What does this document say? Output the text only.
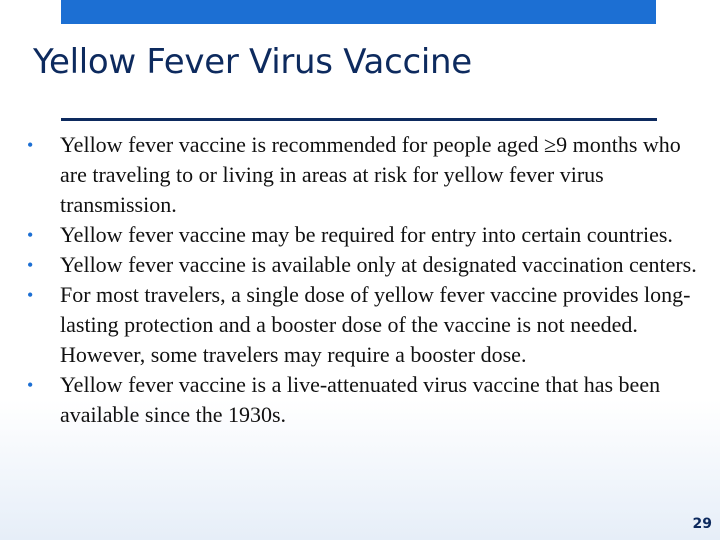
Yellow Fever Virus Vaccine
•	Yellow fever vaccine is recommended for people aged ≥9 months who are traveling to or living in areas at risk for yellow fever virus transmission.
•	Yellow fever vaccine may be required for entry into certain countries.
•	Yellow fever vaccine is available only at designated vaccination centers.
•	For most travelers, a single dose of yellow fever vaccine provides long-lasting protection and a booster dose of the vaccine is not needed. However, some travelers may require a booster dose.
•	Yellow fever vaccine is a live-attenuated virus vaccine that has been available since the 1930s.
29
